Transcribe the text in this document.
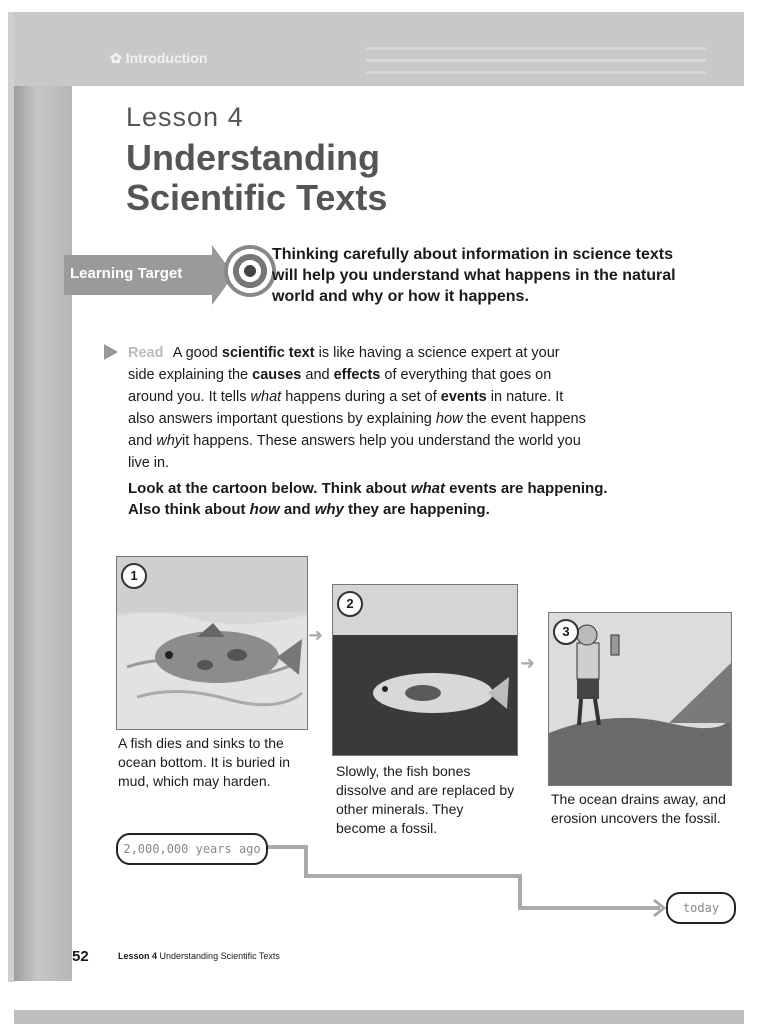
✿ Introduction
Lesson 4
Understanding Scientific Texts
Learning Target
Thinking carefully about information in science texts will help you understand what happens in the natural world and why or how it happens.

Read A good scientific text is like having a science expert at your side explaining the causes and effects of everything that goes on around you. It tells what happens during a set of events in nature. It also answers important questions by explaining how the event happens and whyit happens. These answers help you understand the world you live in.

Look at the cartoon below. Think about what events are happening. Also think about how and why they are happening.

1
A fish dies and sinks to the ocean bottom. It is buried in mud, which may harden.
➜
2
Slowly, the fish bones dissolve and are replaced by other minerals. They become a fossil.
➜
3
The ocean drains away, and erosion uncovers the fossil.
2,000,000 years ago
today
52	Lesson 4 Understanding Scientific Texts
